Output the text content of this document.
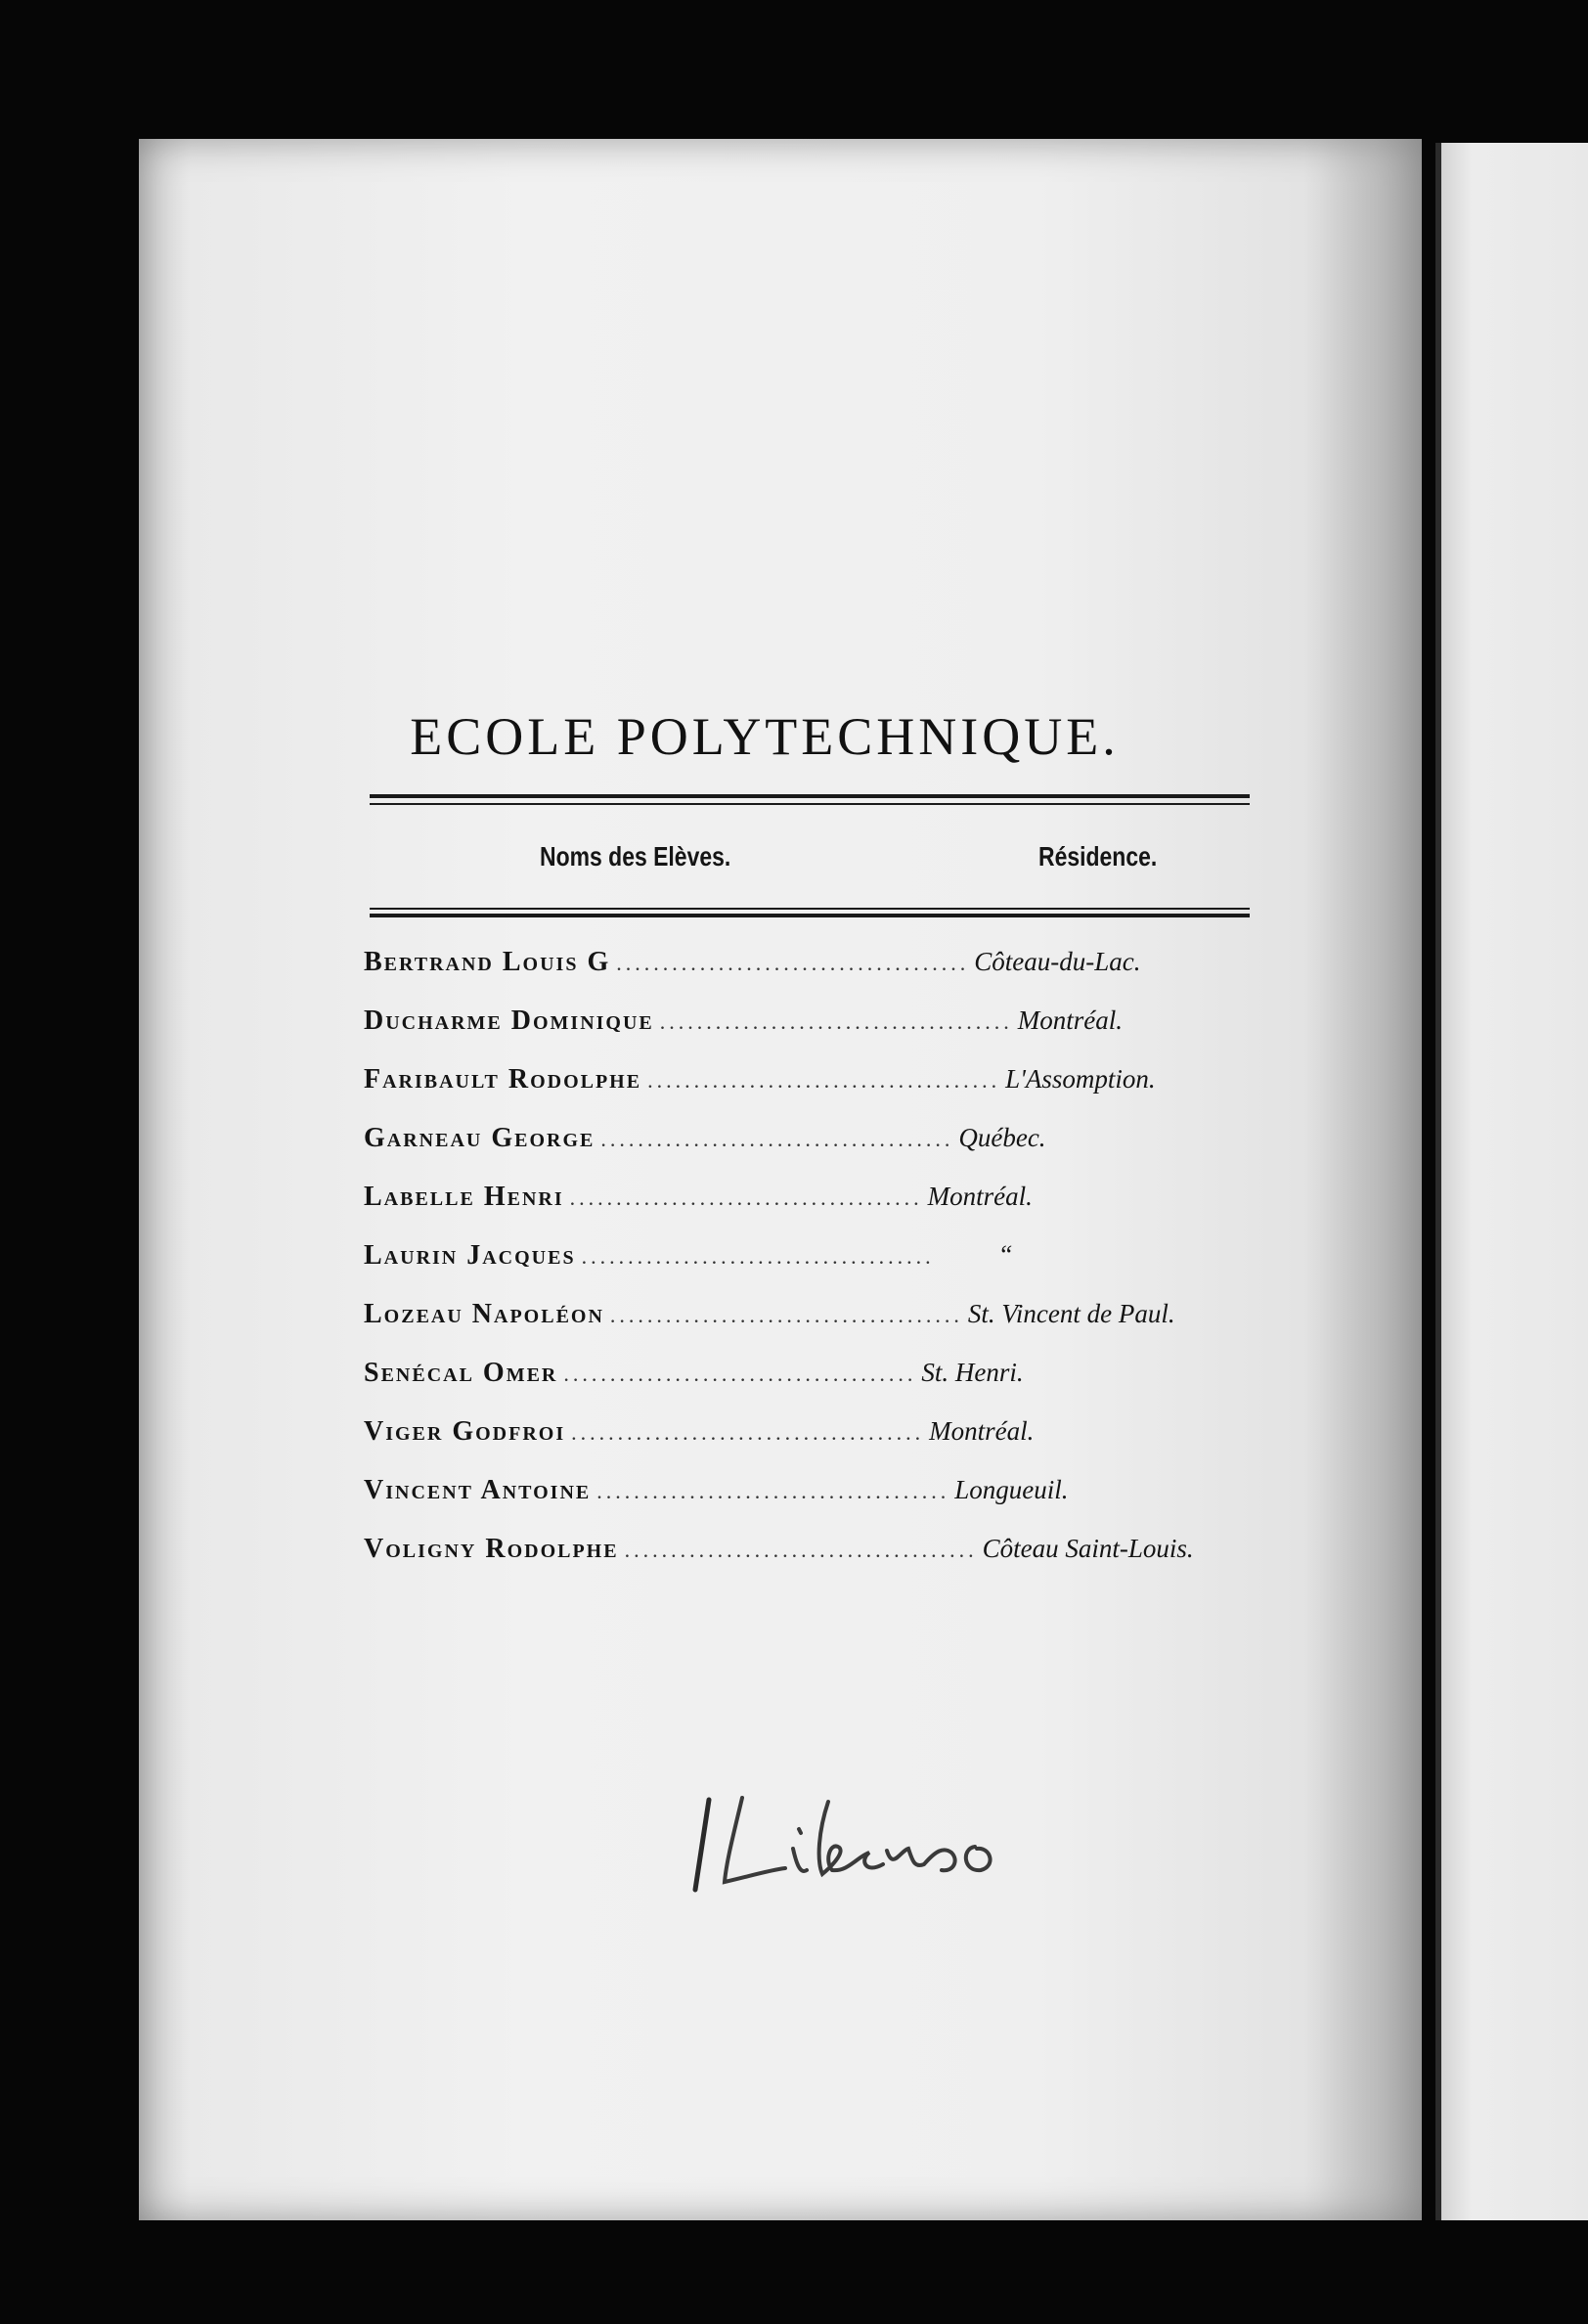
ECOLE POLYTECHNIQUE.
Noms des Elèves.	Résidence.
Bertrand Louis G .....	Côteau-du-Lac.
Ducharme Dominique .....	Montréal.
Faribault Rodolphe .....	L'Assomption.
Garneau George .....	Québec.
Labelle Henri .....	Montréal.
Laurin Jacques .....	“
Lozeau Napoléon .....	St. Vincent de Paul.
Senécal Omer .....	St. Henri.
Viger Godfroi .....	Montréal.
Vincent Antoine .....	Longueuil.
Voligny Rodolphe .....	Côteau Saint-Louis.
